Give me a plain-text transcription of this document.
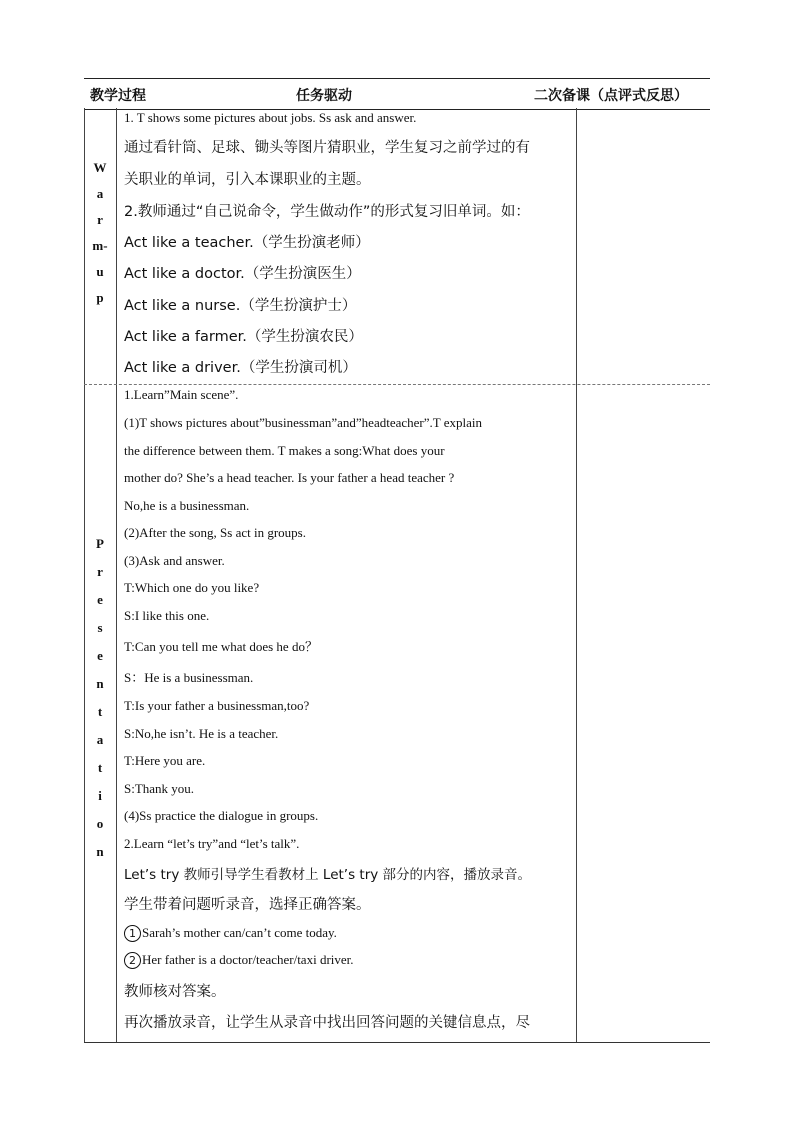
教学过程	任务驱动	二次备课（点评式反思）
W
a
r
m-
u
p
1. T shows some pictures about jobs. Ss ask and answer.
通过看针筒、足球、锄头等图片猜职业，学生复习之前学过的有
关职业的单词，引入本课职业的主题。
2.教师通过“自己说命令，学生做动作”的形式复习旧单词。如：
Act like a teacher.（学生扮演老师）
Act like a doctor.（学生扮演医生）
Act like a nurse.（学生扮演护士）
Act like a farmer.（学生扮演农民）
Act like a driver.（学生扮演司机）
P
r
e
s
e
n
t
a
t
i
o
n
1.Learn”Main scene”.
(1)T shows pictures about”businessman”and”headteacher”.T explain
the difference between them. T makes a song:What does your
mother do? She’s a head teacher. Is your father a head teacher ?
No,he is a businessman.
(2)After the song, Ss act in groups.
(3)Ask and answer.
T:Which one do you like?
S:I like this one.
T:Can you tell me what does he do？
S：He is a businessman.
T:Is your father a businessman,too?
S:No,he isn’t. He is a teacher.
T:Here you are.
S:Thank you.
(4)Ss practice the dialogue in groups.
2.Learn “let’s try”and “let’s talk”.
Let’s try 教师引导学生看教材上 Let’s try 部分的内容，播放录音。
学生带着问题听录音，选择正确答案。
1 Sarah’s mother can/can’t come today.
2 Her father is a doctor/teacher/taxi driver.
教师核对答案。
再次播放录音，让学生从录音中找出回答问题的关键信息点，尽
